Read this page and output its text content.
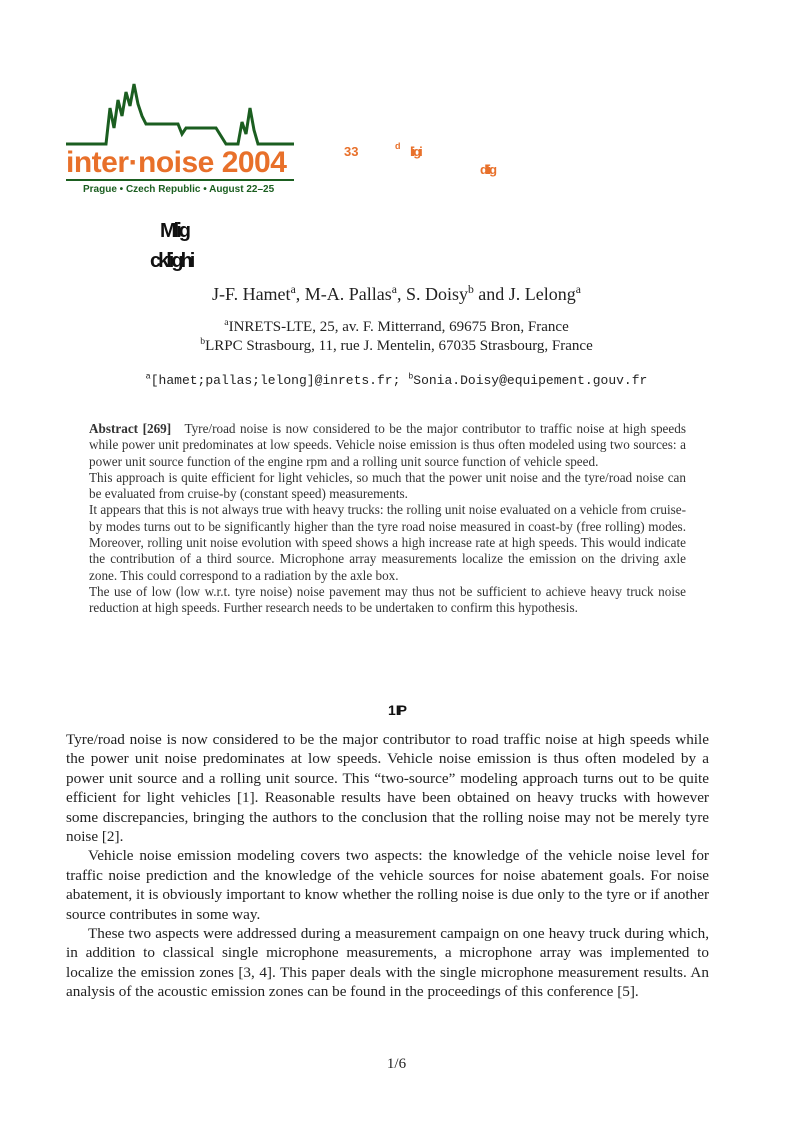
inter·noise 2004
Prague • Czech Republic • August 22–25
33	d ligi
dlig
Mlig
cklighi
J-F. Hamet$^a$, M-A. Pallas$^a$, S. Doisy$^b$ and J. Lelong$^a$
$^a$INRETS-LTE, 25, av. F. Mitterrand, 69675 Bron, France
$^b$LRPC Strasbourg, 11, rue J. Mentelin, 67035 Strasbourg, France
$^a$[hamet;pallas;lelong]@inrets.fr; $^b$Sonia.Doisy@equipement.gouv.fr

Abstract [269] Tyre/road noise is now considered to be the major contributor to traffic noise at high speeds while power unit predominates at low speeds. Vehicle noise emission is thus often modeled using two sources: a power unit source function of the engine rpm and a rolling unit source function of vehicle speed.

This approach is quite efficient for light vehicles, so much that the power unit noise and the tyre/road noise can be evaluated from cruise-by (constant speed) measurements.

It appears that this is not always true with heavy trucks: the rolling unit noise evaluated on a vehicle from cruise-by modes turns out to be significantly higher than the tyre road noise measured in coast-by (free rolling) modes. Moreover, rolling unit noise evolution with speed shows a high increase rate at high speeds. This would indicate the contribution of a third source. Microphone array measurements localize the emission on the driving axle zone. This could correspond to a radiation by the axle box.

The use of low (low w.r.t. tyre noise) noise pavement may thus not be sufficient to achieve heavy truck noise reduction at high speeds. Further research needs to be undertaken to confirm this hypothesis.

1 IP

Tyre/road noise is now considered to be the major contributor to road traffic noise at high speeds while the power unit noise predominates at low speeds. Vehicle noise emission is thus often modeled by a power unit source and a rolling unit source. This “two-source” modeling approach turns out to be quite efficient for light vehicles [1]. Reasonable results have been obtained on heavy trucks with however some discrepancies, bringing the authors to the conclusion that the rolling noise may not be merely tyre noise [2].

Vehicle noise emission modeling covers two aspects: the knowledge of the vehicle noise level for traffic noise prediction and the knowledge of the vehicle sources for noise abatement goals. For noise abatement, it is obviously important to know whether the rolling noise is due only to the tyre or if another source contributes in some way.

These two aspects were addressed during a measurement campaign on one heavy truck during which, in addition to classical single microphone measurements, a microphone array was implemented to localize the emission zones [3, 4]. This paper deals with the single microphone measurement results. An analysis of the acoustic emission zones can be found in the proceedings of this conference [5].

1/6
